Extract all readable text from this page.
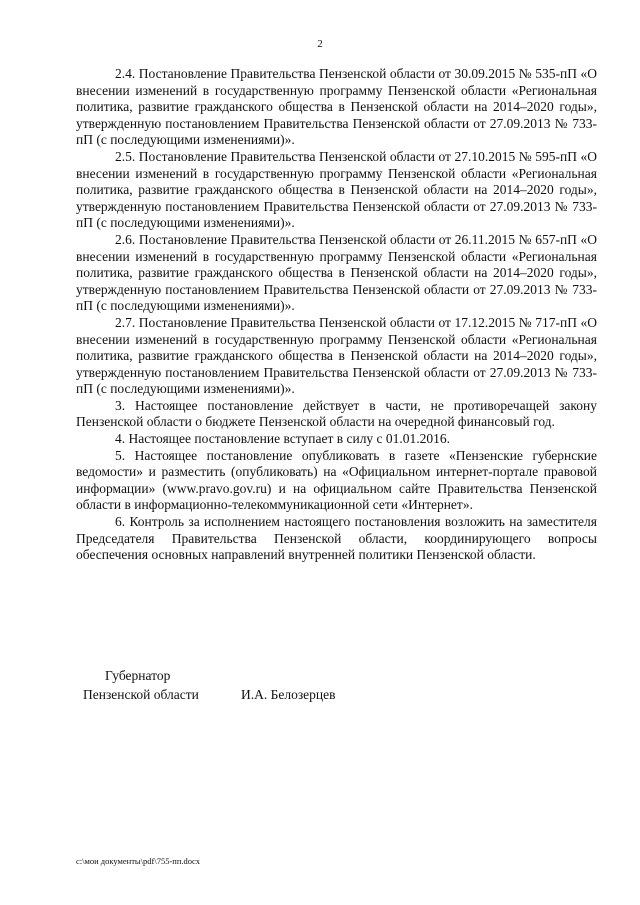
2

2.4. Постановление Правительства Пензенской области от 30.09.2015 № 535-пП «О внесении изменений в государственную программу Пензенской области «Региональная политика, развитие гражданского общества в Пензенской области на 2014–2020 годы», утвержденную постановлением Правительства Пензенской области от 27.09.2013 № 733-пП (с последующими изменениями)».

2.5. Постановление Правительства Пензенской области от 27.10.2015 № 595-пП «О внесении изменений в государственную программу Пензенской области «Региональная политика, развитие гражданского общества в Пензенской области на 2014–2020 годы», утвержденную постановлением Правительства Пензенской области от 27.09.2013 № 733-пП (с последующими изменениями)».

2.6. Постановление Правительства Пензенской области от 26.11.2015 № 657-пП «О внесении изменений в государственную программу Пензенской области «Региональная политика, развитие гражданского общества в Пензенской области на 2014–2020 годы», утвержденную постановлением Правительства Пензенской области от 27.09.2013 № 733-пП (с последующими изменениями)».

2.7. Постановление Правительства Пензенской области от 17.12.2015 № 717-пП «О внесении изменений в государственную программу Пензенской области «Региональная политика, развитие гражданского общества в Пензенской области на 2014–2020 годы», утвержденную постановлением Правительства Пензенской области от 27.09.2013 № 733-пП (с последующими изменениями)».

3. Настоящее постановление действует в части, не противоречащей закону Пензенской области о бюджете Пензенской области на очередной финансовый год.

4. Настоящее постановление вступает в силу с 01.01.2016.

5. Настоящее постановление опубликовать в газете «Пензенские губернские ведомости» и разместить (опубликовать) на «Официальном интернет-портале правовой информации» (www.pravo.gov.ru) и на официальном сайте Правительства Пензенской области в информационно-телекоммуникационной сети «Интернет».

6. Контроль за исполнением настоящего постановления возложить на заместителя Председателя Правительства Пензенской области, координирующего вопросы обеспечения основных направлений внутренней политики Пензенской области.

Губернатор
Пензенской области	И.А. Белозерцев
c:\мои документы\pdf\755-пп.docx
